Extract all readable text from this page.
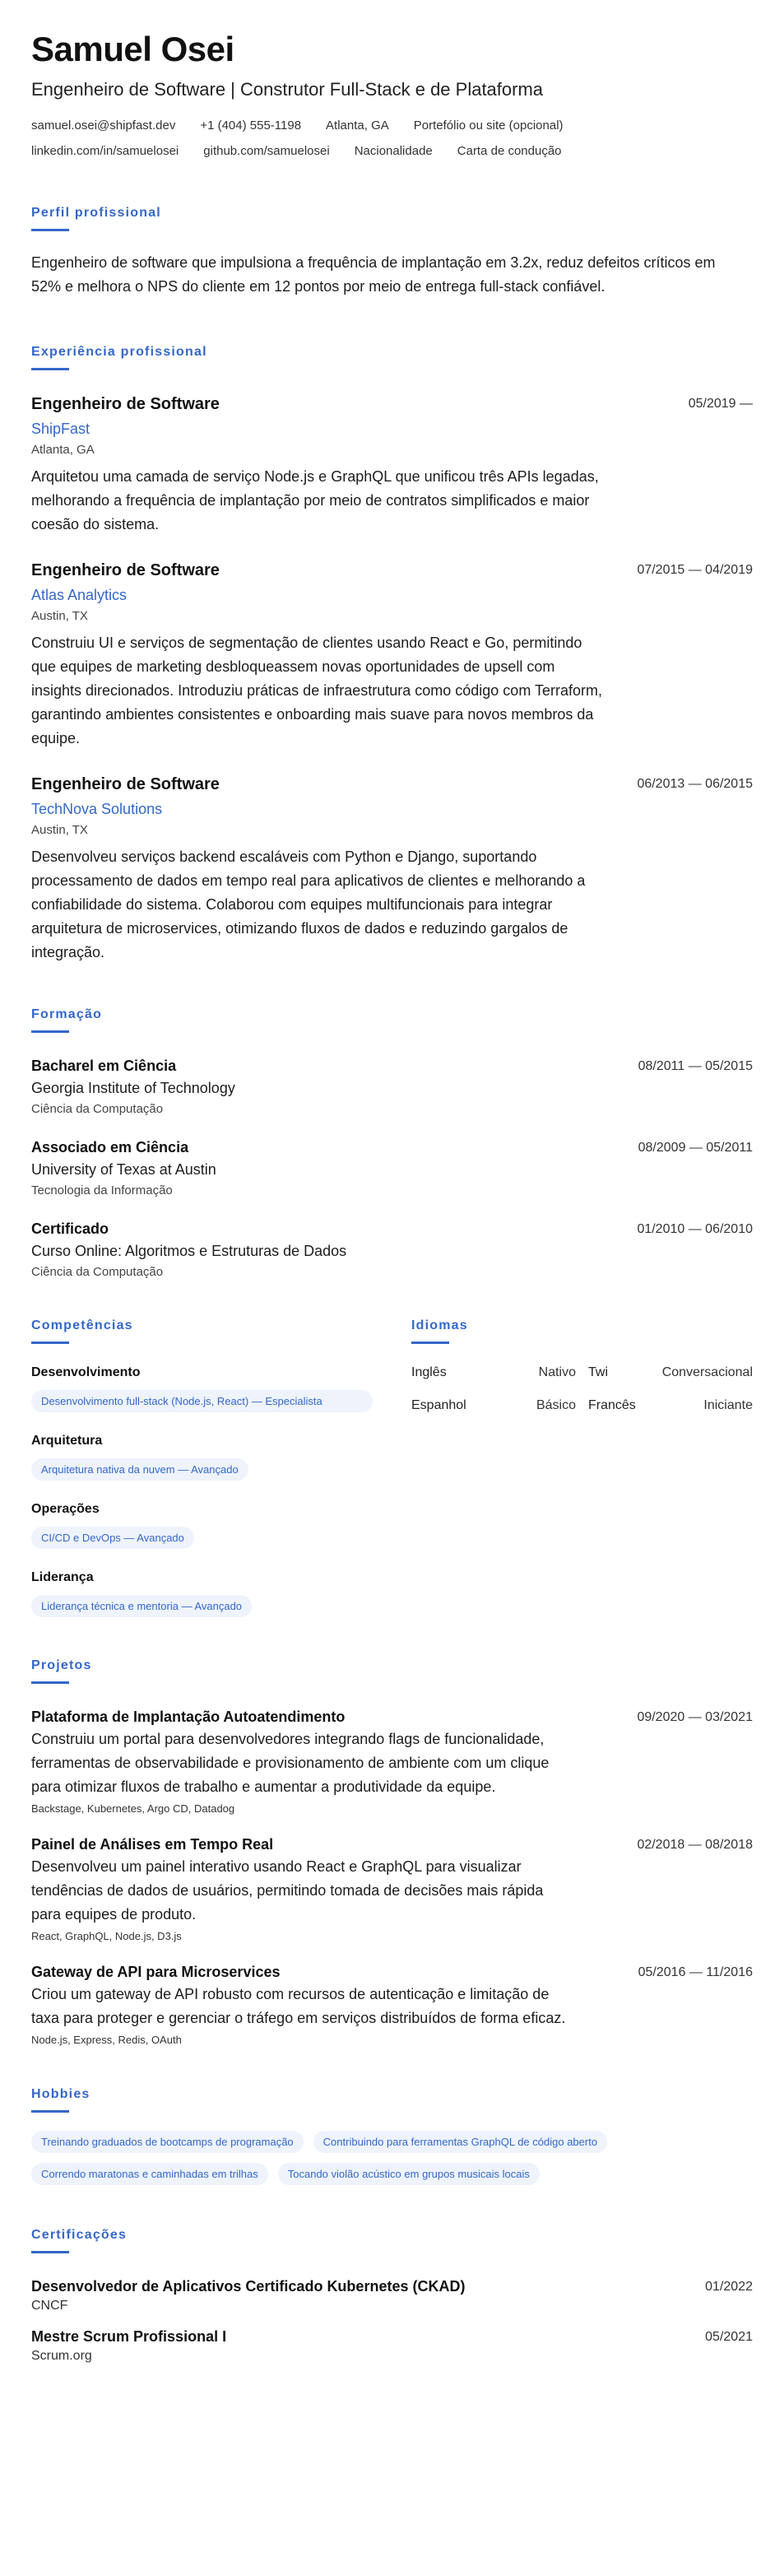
Samuel Osei
Engenheiro de Software | Construtor Full-Stack e de Plataforma
samuel.osei@shipfast.dev +1 (404) 555-1198 Atlanta, GA Portefólio ou site (opcional)
linkedin.com/in/samuelosei github.com/samuelosei Nacionalidade Carta de condução
Perfil profissional

Engenheiro de software que impulsiona a frequência de implantação em 3.2x, reduz defeitos críticos em 52% e melhora o NPS do cliente em 12 pontos por meio de entrega full-stack confiável.

Experiência profissional
Engenheiro de Software	05/2019 —
ShipFast
Atlanta, GA

Arquitetou uma camada de serviço Node.js e GraphQL que unificou três APIs legadas, melhorando a frequência de implantação por meio de contratos simplificados e maior coesão do sistema.

Engenheiro de Software	07/2015 — 04/2019
Atlas Analytics
Austin, TX

Construiu UI e serviços de segmentação de clientes usando React e Go, permitindo que equipes de marketing desbloqueassem novas oportunidades de upsell com insights direcionados. Introduziu práticas de infraestrutura como código com Terraform, garantindo ambientes consistentes e onboarding mais suave para novos membros da equipe.

Engenheiro de Software	06/2013 — 06/2015
TechNova Solutions
Austin, TX

Desenvolveu serviços backend escaláveis com Python e Django, suportando processamento de dados em tempo real para aplicativos de clientes e melhorando a confiabilidade do sistema. Colaborou com equipes multifuncionais para integrar arquitetura de microservices, otimizando fluxos de dados e reduzindo gargalos de integração.

Formação
Bacharel em Ciência	08/2011 — 05/2015
Georgia Institute of Technology
Ciência da Computação
Associado em Ciência	08/2009 — 05/2011
University of Texas at Austin
Tecnologia da Informação
Certificado	01/2010 — 06/2010
Curso Online: Algoritmos e Estruturas de Dados
Ciência da Computação
Competências
Desenvolvimento
Desenvolvimento full-stack (Node.js, React) — Especialista
Arquitetura
Arquitetura nativa da nuvem — Avançado
Operações
CI/CD e DevOps — Avançado
Liderança
Liderança técnica e mentoria — Avançado
Idiomas
Inglês	Nativo Twi	Conversacional
Espanhol	Básico Francês	Iniciante
Projetos
Plataforma de Implantação Autoatendimento	09/2020 — 03/2021

Construiu um portal para desenvolvedores integrando flags de funcionalidade, ferramentas de observabilidade e provisionamento de ambiente com um clique para otimizar fluxos de trabalho e aumentar a produtividade da equipe.

Backstage, Kubernetes, Argo CD, Datadog
Painel de Análises em Tempo Real	02/2018 — 08/2018

Desenvolveu um painel interativo usando React e GraphQL para visualizar tendências de dados de usuários, permitindo tomada de decisões mais rápida para equipes de produto.

React, GraphQL, Node.js, D3.js
Gateway de API para Microservices	05/2016 — 11/2016

Criou um gateway de API robusto com recursos de autenticação e limitação de taxa para proteger e gerenciar o tráfego em serviços distribuídos de forma eficaz.

Node.js, Express, Redis, OAuth
Hobbies
Treinando graduados de bootcamps de programação	Contribuindo para ferramentas GraphQL de código aberto
Correndo maratonas e caminhadas em trilhas	Tocando violão acústico em grupos musicais locais
Certificações
Desenvolvedor de Aplicativos Certificado Kubernetes (CKAD)	01/2022
CNCF
Mestre Scrum Profissional I	05/2021
Scrum.org
